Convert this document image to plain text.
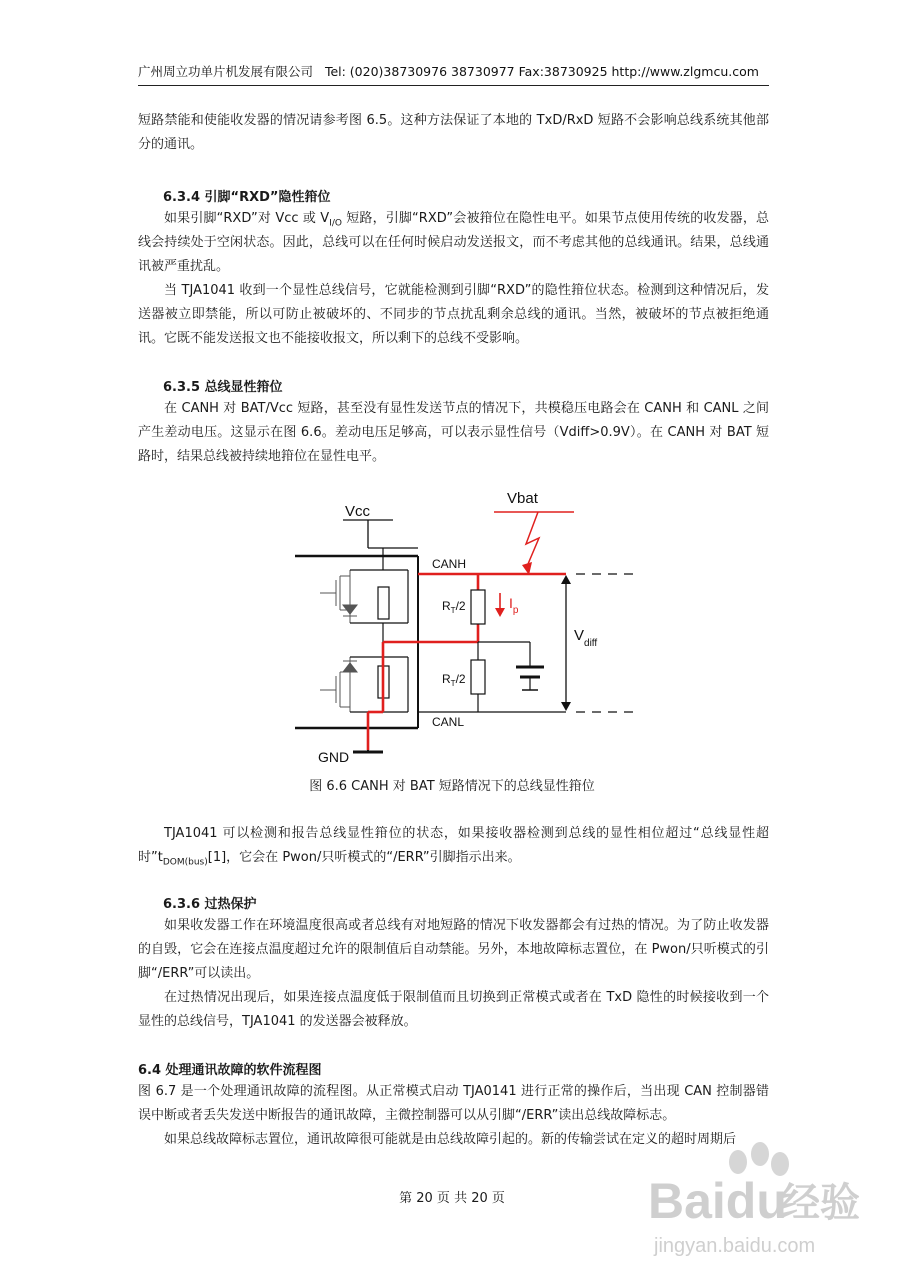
广州周立功单片机发展有限公司 Tel: (020)38730976 38730977 Fax:38730925 http://www.zlgmcu.com
短路禁能和使能收发器的情况请参考图 6.5。这种方法保证了本地的 TxD/RxD 短路不会影响总线系统其他部分的通讯。
6.3.4 引脚“RXD”隐性箝位
如果引脚“RXD”对 Vcc 或 $V_{I/O}$ 短路，引脚“RXD”会被箝位在隐性电平。如果节点使用传统的收发器，总线会持续处于空闲状态。因此，总线可以在任何时候启动发送报文，而不考虑其他的总线通讯。结果，总线通讯被严重扰乱。
当 TJA1041 收到一个显性总线信号，它就能检测到引脚“RXD”的隐性箝位状态。检测到这种情况后，发送器被立即禁能，所以可防止被破坏的、不同步的节点扰乱剩余总线的通讯。当然，被破坏的节点被拒绝通讯。它既不能发送报文也不能接收报文，所以剩下的总线不受影响。
6.3.5 总线显性箝位
在 CANH 对 BAT/Vcc 短路，甚至没有显性发送节点的情况下，共模稳压电路会在 CANH 和 CANL 之间产生差动电压。这显示在图 6.6。差动电压足够高，可以表示显性信号（Vdiff>0.9V）。在 CANH 对 BAT 短路时，结果总线被持续地箝位在显性电平。
Vcc
CANH
CANL
Vbat
$R_T/2$
$R_T/2$
$I_p$
$V_{diff}$
GND
图 6.6 CANH 对 BAT 短路情况下的总线显性箝位
TJA1041 可以检测和报告总线显性箝位的状态，如果接收器检测到总线的显性相位超过“总线显性超时$”t_{DOM(bus)}[1]$，它会在 Pwon/只听模式的“/ERR”引脚指示出来。
6.3.6 过热保护
如果收发器工作在环境温度很高或者总线有对地短路的情况下收发器都会有过热的情况。为了防止收发器的自毁，它会在连接点温度超过允许的限制值后自动禁能。另外，本地故障标志置位，在 Pwon/只听模式的引脚“/ERR”可以读出。
在过热情况出现后，如果连接点温度低于限制值而且切换到正常模式或者在 TxD 隐性的时候接收到一个显性的总线信号，TJA1041 的发送器会被释放。
6.4 处理通讯故障的软件流程图
图 6.7 是一个处理通讯故障的流程图。从正常模式启动 TJA0141 进行正常的操作后，当出现 CAN 控制器错误中断或者丢失发送中断报告的通讯故障，主微控制器可以从引脚“/ERR”读出总线故障标志。
如果总线故障标志置位，通讯故障很可能就是由总线故障引起的。新的传输尝试在定义的超时周期后
第 20 页 共 20 页	Baidu
经验
jingyan.baidu.com
